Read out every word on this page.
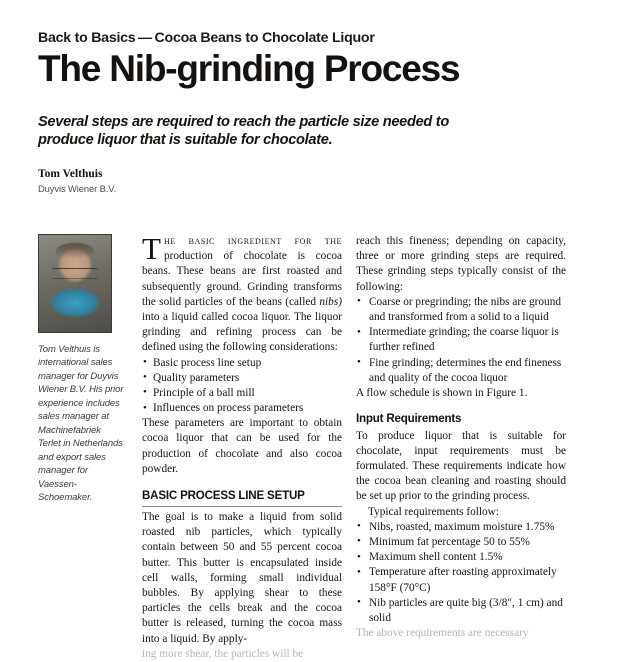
Back to Basics — Cocoa Beans to Chocolate Liquor
The Nib-grinding Process
Several steps are required to reach the particle size needed to produce liquor that is suitable for chocolate.
Tom Velthuis
Duyvis Wiener B.V.
Tom Velthuis is international sales manager for Duyvis Wiener B.V. His prior experience includes sales manager at Machinefabriek Terlet in Netherlands and export sales manager for Vaessen-Schoemaker.

T he basic ingredient for the production of chocolate is cocoa beans. These beans are first roasted and subsequently ground. Grinding transforms the solid particles of the beans (called nibs) into a liquid called cocoa liquor. The liquor grinding and refining process can be defined using the following considerations:

• Basic process line setup
• Quality parameters
• Principle of a ball mill
• Influences on process parameters

These parameters are important to obtain cocoa liquor that can be used for the production of chocolate and also cocoa powder.

BASIC PROCESS LINE SETUP

The goal is to make a liquid from solid roasted nib particles, which typically contain between 50 and 55 percent cocoa butter. This butter is encapsulated inside cell walls, forming small individual bubbles. By applying shear to these particles the cells break and the cocoa butter is released, turning the cocoa mass into a liquid. By apply-

ing more shear, the particles will be

reach this fineness; depending on capacity, three or more grinding steps are required. These grinding steps typically consist of the following:

• Coarse or pregrinding; the nibs are ground and transformed from a solid to a liquid
• Intermediate grinding; the coarse liquor is further refined
• Fine grinding; determines the end fineness and quality of the cocoa liquor

A flow schedule is shown in Figure 1.

Input Requirements

To produce liquor that is suitable for chocolate, input requirements must be formulated. These requirements indicate how the cocoa bean cleaning and roasting should be set up prior to the grinding process.

Typical requirements follow:

• Nibs, roasted, maximum moisture 1.75%
• Minimum fat percentage 50 to 55%
• Maximum shell content 1.5%
• Temperature after roasting approximately 158°F (70°C)
• Nib particles are quite big (3/8″, 1 cm) and solid

The above requirements are necessary
